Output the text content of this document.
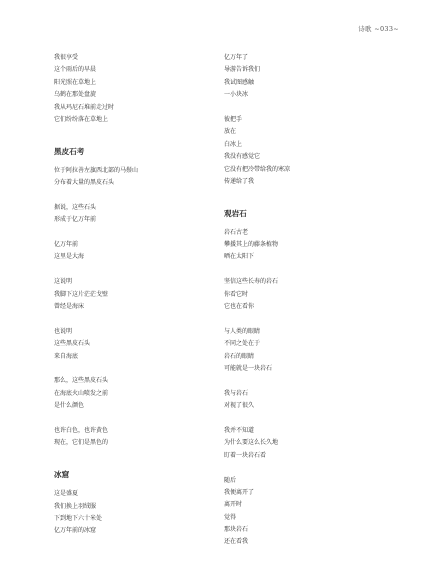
诗歌 ~033~
我很享受
这个雨后的早晨
阳光照在草地上
乌鹤在那处盘旋
我从玛尼石堆前走过时
它们纷纷落在草地上
黑皮石考
位于阿拉善左旗西北部的马鬃山
分布着大量的黑皮石头
据说，这些石头
形成于亿万年前
亿万年前
这里是大海
这说明
我脚下这片茫茫戈壁
曾经是海床
也说明
这些黑皮石头
来自海底
那么，这些黑皮石头
在海底火山喷发之前
是什么颜色
也许白色，也许黄色
现在，它们是黑色的
冰窟
这是盛夏
我们换上羽绒服
下到地下六十米处
亿万年前的冰窟
亿万年了
导游告诉我们
我试图感触
一小块冰
彼把手
放在
白冰上
我没有感觉它
它没有把冷带给我的寒凉
传递给了我
观岩石
岩石古老
攀援其上的藤条植物
晒在太阳下
坚信这些长寿的岩石
你看它时
它也在看你
与人类的眼睛
不同之处在于
岩石的眼睛
可能就是一块岩石
我与岩石
对视了很久
我并不知道
为什么要这么长久地
盯着一块岩石看
随后
我便离开了
离开时
觉得
那块岩石
还在看我
